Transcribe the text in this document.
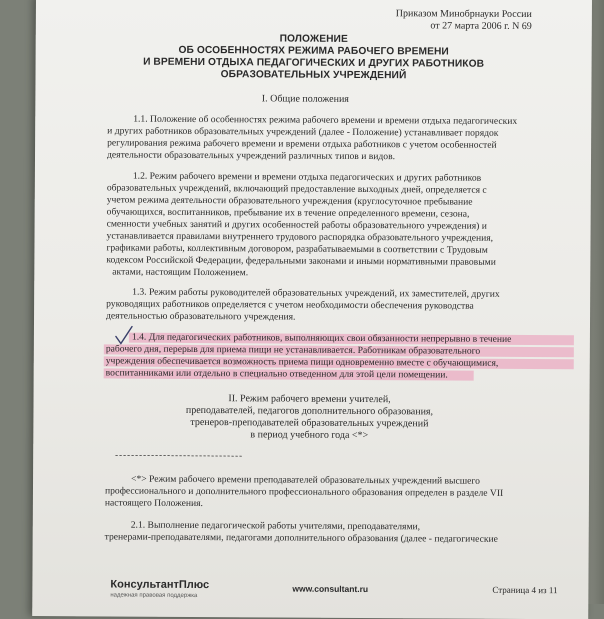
Приказом Минобрнауки России
от 27 марта 2006 г. N 69
ПОЛОЖЕНИЕ
ОБ ОСОБЕННОСТЯХ РЕЖИМА РАБОЧЕГО ВРЕМЕНИ
И ВРЕМЕНИ ОТДЫХА ПЕДАГОГИЧЕСКИХ И ДРУГИХ РАБОТНИКОВ
ОБРАЗОВАТЕЛЬНЫХ УЧРЕЖДЕНИЙ
I. Общие положения
1.1. Положение об особенностях режима рабочего времени и времени отдыха педагогических
и других работников образовательных учреждений (далее - Положение) устанавливает порядок
регулирования режима рабочего времени и времени отдыха работников с учетом особенностей
деятельности образовательных учреждений различных типов и видов.
1.2. Режим рабочего времени и времени отдыха педагогических и других работников
образовательных учреждений, включающий предоставление выходных дней, определяется с
учетом режима деятельности образовательного учреждения (круглосуточное пребывание
обучающихся, воспитанников, пребывание их в течение определенного времени, сезона,
сменности учебных занятий и других особенностей работы образовательного учреждения) и
устанавливается правилами внутреннего трудового распорядка образовательного учреждения,
графиками работы, коллективным договором, разрабатываемыми в соответствии с Трудовым
кодексом Российской Федерации, федеральными законами и иными нормативными правовыми
актами, настоящим Положением.
1.3. Режим работы руководителей образовательных учреждений, их заместителей, других
руководящих работников определяется с учетом необходимости обеспечения руководства
деятельностью образовательного учреждения.
1.4. Для педагогических работников, выполняющих свои обязанности непрерывно в течение
рабочего дня, перерыв для приема пищи не устанавливается. Работникам образовательного
учреждения обеспечивается возможность приема пищи одновременно вместе с обучающимися,
воспитанниками или отдельно в специально отведенном для этой цели помещении.
II. Режим рабочего времени учителей,
преподавателей, педагогов дополнительного образования,
тренеров-преподавателей образовательных учреждений
в период учебного года <*>
--------------------------------
<*> Режим рабочего времени преподавателей образовательных учреждений высшего
профессионального и дополнительного профессионального образования определен в разделе VII
настоящего Положения.
2.1. Выполнение педагогической работы учителями, преподавателями,
тренерами-преподавателями, педагогами дополнительного образования (далее - педагогические
КонсультантПлюс
надежная правовая поддержка
www.consultant.ru	Страница 4 из 11
